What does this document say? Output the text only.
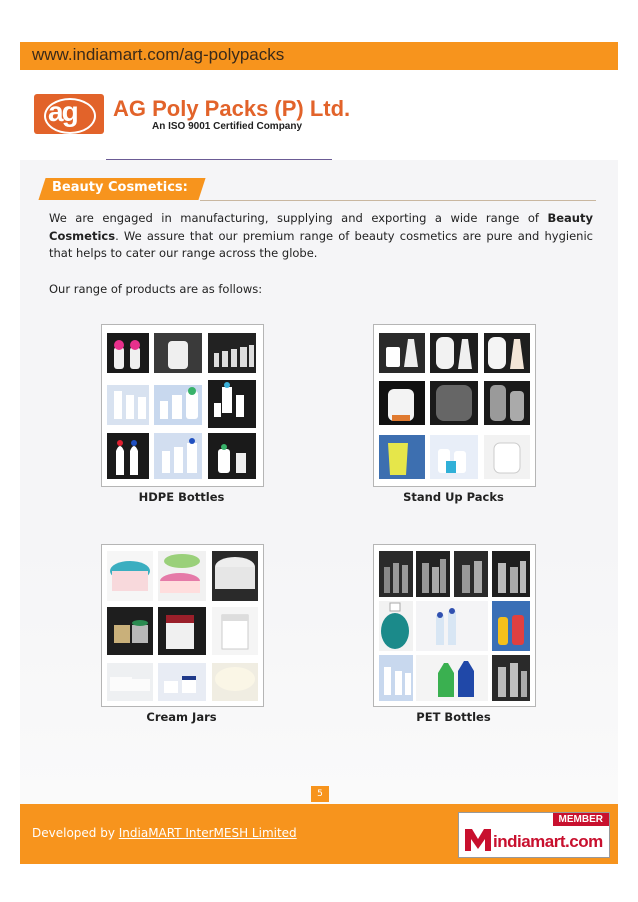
www.indiamart.com/ag-polypacks
ag AG Poly Packs (P) Ltd.
An ISO 9001 Certified Company
Beauty Cosmetics:
We are engaged in manufacturing, supplying and exporting a wide range of Beauty Cosmetics. We assure that our premium range of beauty cosmetics are pure and hygienic that helps to cater our range across the globe.
Our range of products are as follows:
HDPE Bottles	Stand Up Packs
Cream Jars	PET Bottles
5
Developed by IndiaMART InterMESH Limited
MEMBER
indiamart.com
